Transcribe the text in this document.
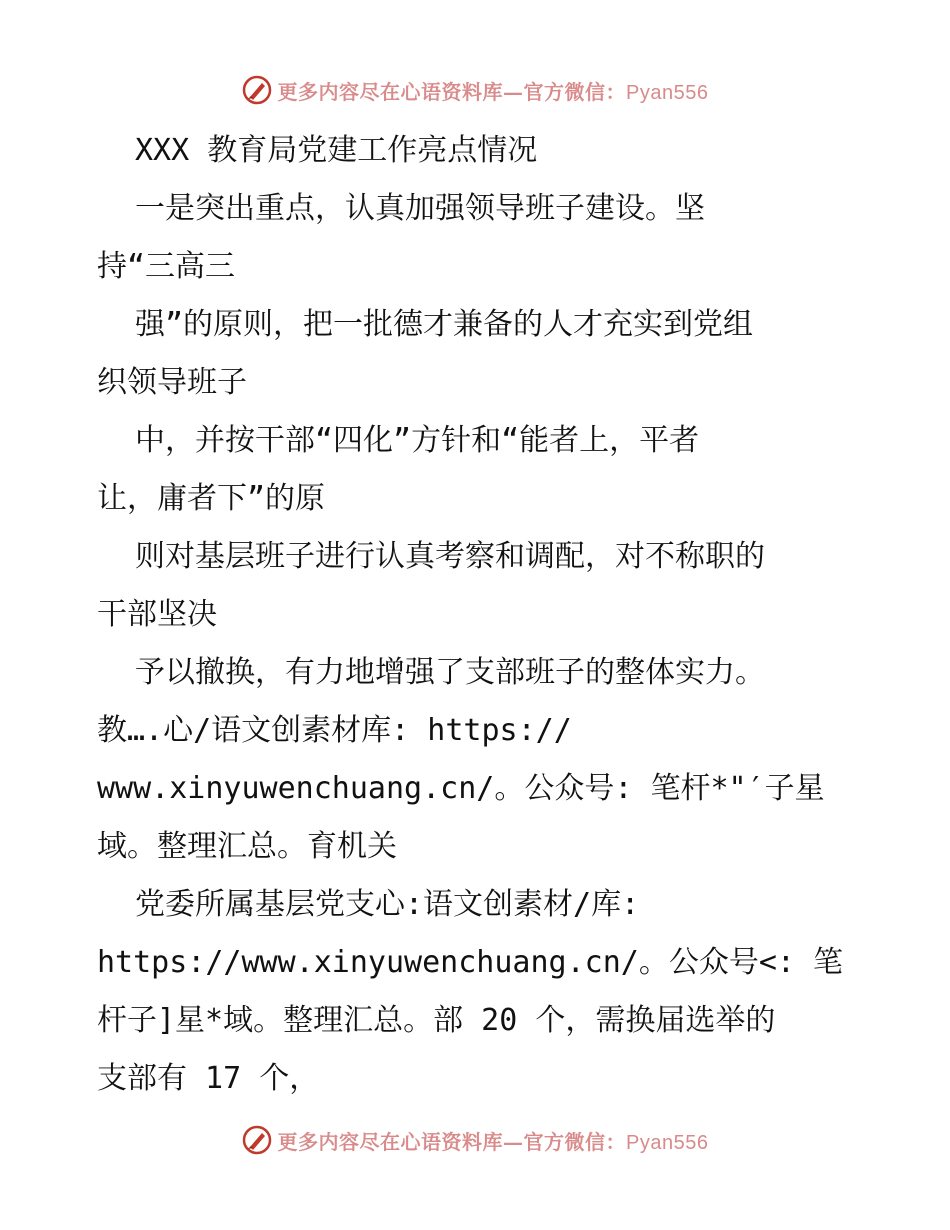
更多内容尽在心语资料库—官方微信：Pyan556
XXX 教育局党建工作亮点情况
一是突出重点，认真加强领导班子建设。坚
持“三高三
强”的原则，把一批德才兼备的人才充实到党组
织领导班子
中，并按干部“四化”方针和“能者上，平者
让，庸者下”的原
则对基层班子进行认真考察和调配，对不称职的
干部坚决
予以撤换，有力地增强了支部班子的整体实力。
教….心/语文创素材库: https://
www.xinyuwenchuang.cn/。公众号: 笔杆*"′子星
域。整理汇总。育机关
党委所属基层党支心:语文创素材/库:
https://www.xinyuwenchuang.cn/。公众号<: 笔
杆子]星*域。整理汇总。部 20 个，需换届选举的
支部有 17 个，
更多内容尽在心语资料库—官方微信：Pyan556
